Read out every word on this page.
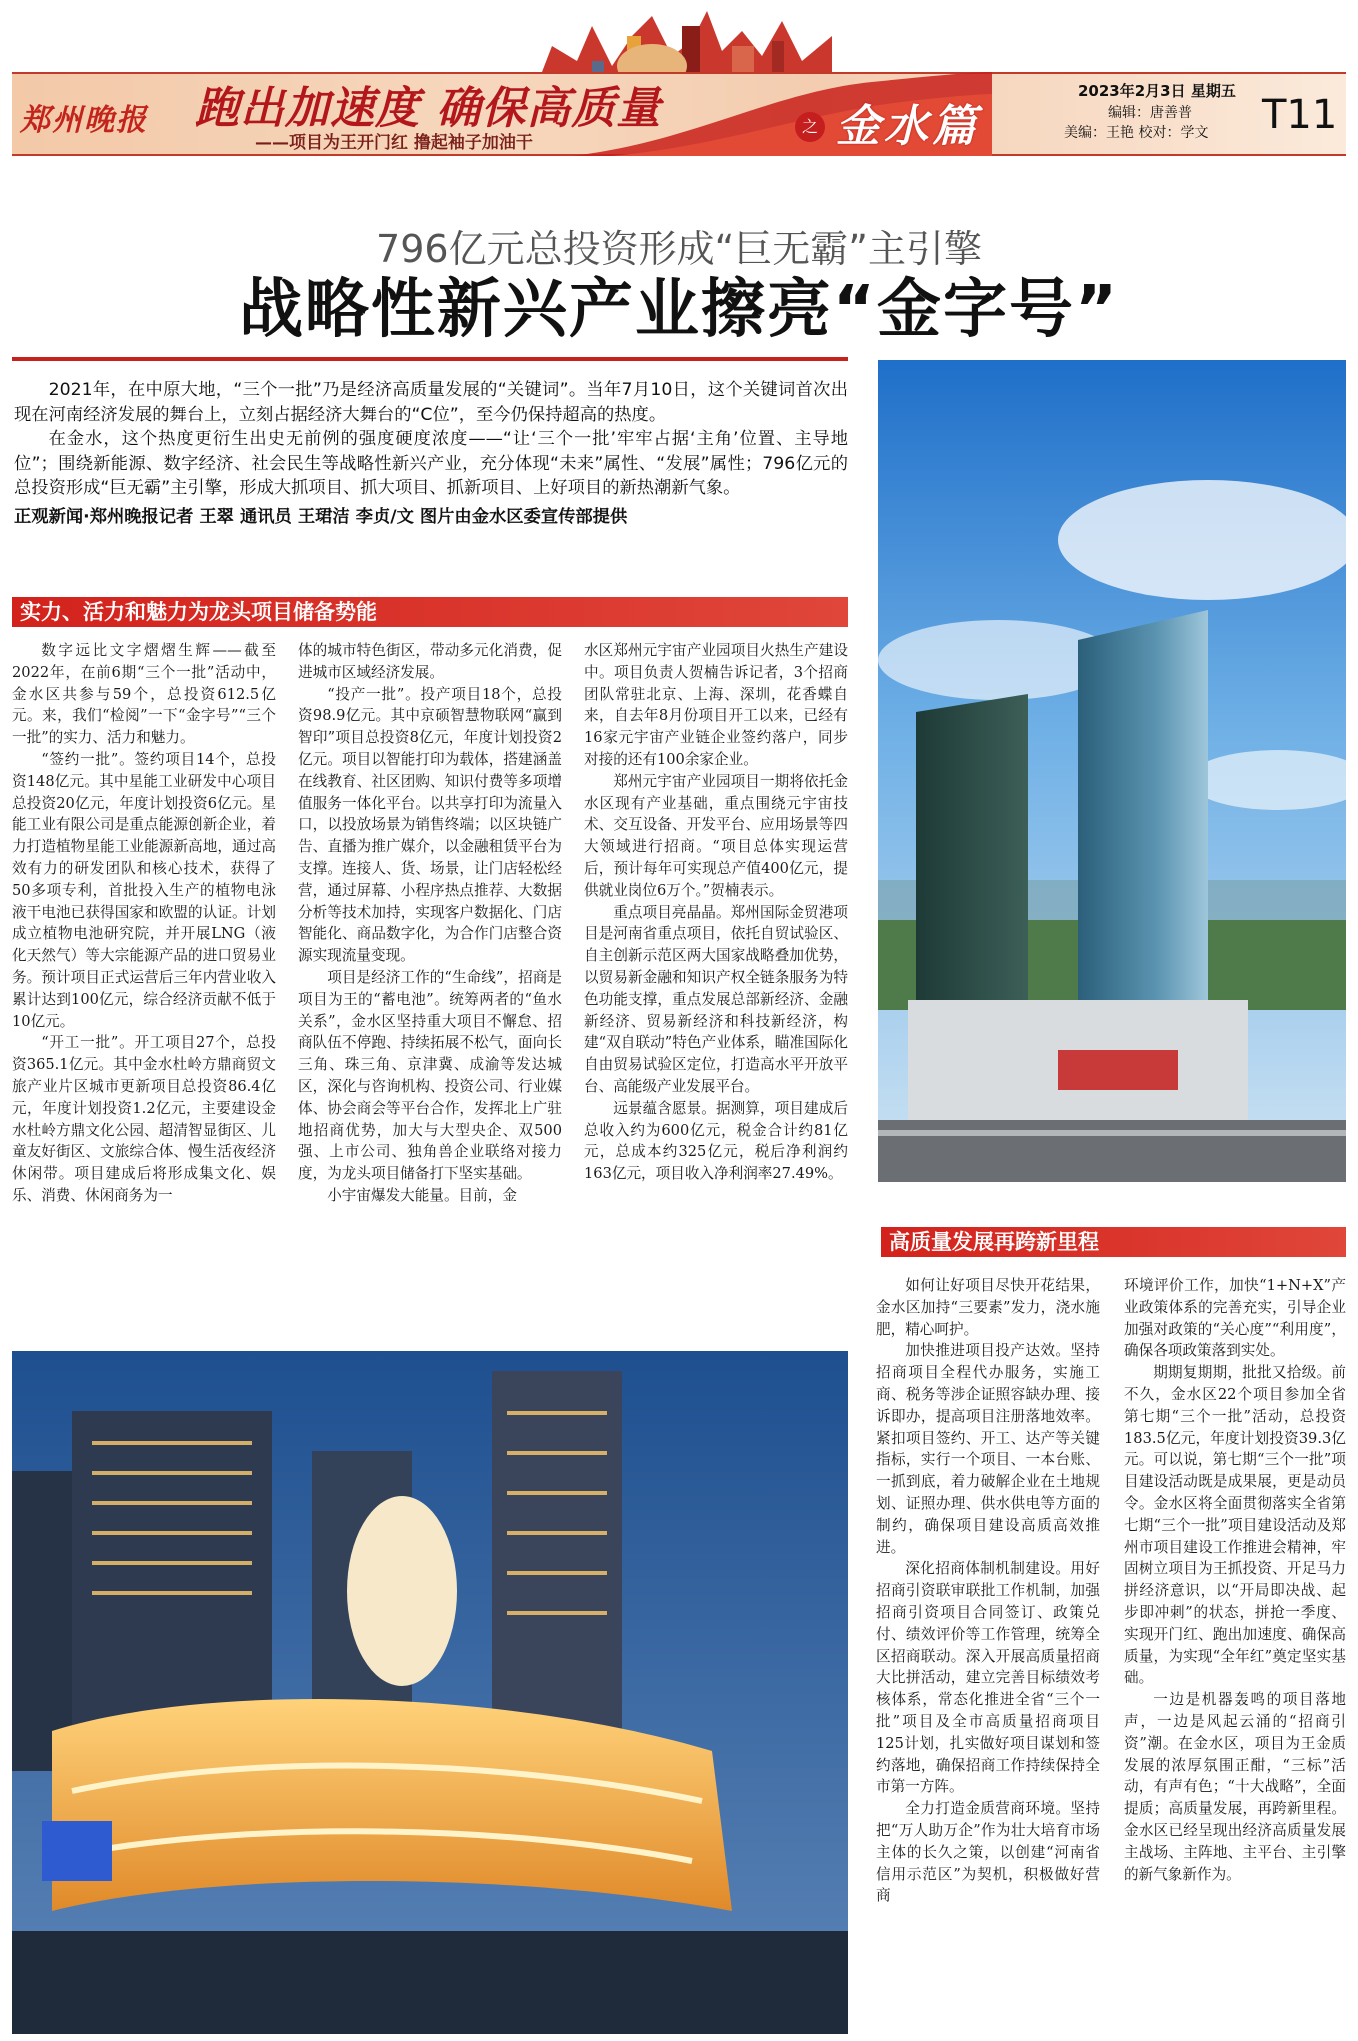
郑州晚报 跑出加速度 确保高质量
——项目为王开门红 撸起袖子加油干
之 金水篇
2023年2月3日 星期五
编辑：唐善普
美编：王艳 校对：学文 T11
796亿元总投资形成“巨无霸”主引擎
战略性新兴产业擦亮“金字号”

2021年，在中原大地，“三个一批”乃是经济高质量发展的“关键词”。当年7月10日，这个关键词首次出现在河南经济发展的舞台上，立刻占据经济大舞台的“C位”，至今仍保持超高的热度。

在金水，这个热度更衍生出史无前例的强度硬度浓度——“让‘三个一批’牢牢占据‘主角’位置、主导地位”；围绕新能源、数字经济、社会民生等战略性新兴产业，充分体现“未来”属性、“发展”属性；796亿元的总投资形成“巨无霸”主引擎，形成大抓项目、抓大项目、抓新项目、上好项目的新热潮新气象。

正观新闻·郑州晚报记者 王翠 通讯员 王珺洁 李贞/文 图片由金水区委宣传部提供

实力、活力和魅力为龙头项目储备势能
高质量发展再跨新里程

数字远比文字熠熠生辉——截至2022年，在前6期“三个一批”活动中，金水区共参与59个，总投资612.5亿元。来，我们“检阅”一下“金字号”“三个一批”的实力、活力和魅力。

“签约一批”。签约项目14个，总投资148亿元。其中星能工业研发中心项目总投资20亿元，年度计划投资6亿元。星能工业有限公司是重点能源创新企业，着力打造植物星能工业能源新高地，通过高效有力的研发团队和核心技术，获得了50多项专利，首批投入生产的植物电泳液干电池已获得国家和欧盟的认证。计划成立植物电池研究院，并开展LNG（液化天然气）等大宗能源产品的进口贸易业务。预计项目正式运营后三年内营业收入累计达到100亿元，综合经济贡献不低于10亿元。

“开工一批”。开工项目27个，总投资365.1亿元。其中金水杜岭方鼎商贸文旅产业片区城市更新项目总投资86.4亿元，年度计划投资1.2亿元，主要建设金水杜岭方鼎文化公园、超清智显街区、儿童友好街区、文旅综合体、慢生活夜经济休闲带。项目建成后将形成集文化、娱乐、消费、休闲商务为一

体的城市特色街区，带动多元化消费，促进城市区域经济发展。

“投产一批”。投产项目18个，总投资98.9亿元。其中京硕智慧物联网“赢到智印”项目总投资8亿元，年度计划投资2亿元。项目以智能打印为载体，搭建涵盖在线教育、社区团购、知识付费等多项增值服务一体化平台。以共享打印为流量入口，以投放场景为销售终端；以区块链广告、直播为推广媒介，以金融租赁平台为支撑。连接人、货、场景，让门店轻松经营，通过屏幕、小程序热点推荐、大数据分析等技术加持，实现客户数据化、门店智能化、商品数字化，为合作门店整合资源实现流量变现。

项目是经济工作的“生命线”，招商是项目为王的“蓄电池”。统筹两者的“鱼水关系”，金水区坚持重大项目不懈怠、招商队伍不停跑、持续拓展不松气，面向长三角、珠三角、京津冀、成渝等发达城区，深化与咨询机构、投资公司、行业媒体、协会商会等平台合作，发挥北上广驻地招商优势，加大与大型央企、双500强、上市公司、独角兽企业联络对接力度，为龙头项目储备打下坚实基础。

小宇宙爆发大能量。目前，金

水区郑州元宇宙产业园项目火热生产建设中。项目负责人贺楠告诉记者，3个招商团队常驻北京、上海、深圳，花香蝶自来，自去年8月份项目开工以来，已经有16家元宇宙产业链企业签约落户，同步对接的还有100余家企业。

郑州元宇宙产业园项目一期将依托金水区现有产业基础，重点围绕元宇宙技术、交互设备、开发平台、应用场景等四大领域进行招商。“项目总体实现运营后，预计每年可实现总产值400亿元，提供就业岗位6万个。”贺楠表示。

重点项目亮晶晶。郑州国际金贸港项目是河南省重点项目，依托自贸试验区、自主创新示范区两大国家战略叠加优势，以贸易新金融和知识产权全链条服务为特色功能支撑，重点发展总部新经济、金融新经济、贸易新经济和科技新经济，构建“双自联动”特色产业体系，瞄准国际化自由贸易试验区定位，打造高水平开放平台、高能级产业发展平台。

远景蕴含愿景。据测算，项目建成后总收入约为600亿元，税金合计约81亿元，总成本约325亿元，税后净利润约163亿元，项目收入净利润率27.49%。

如何让好项目尽快开花结果，金水区加持“三要素”发力，浇水施肥，精心呵护。

加快推进项目投产达效。坚持招商项目全程代办服务，实施工商、税务等涉企证照容缺办理、接诉即办，提高项目注册落地效率。紧扣项目签约、开工、达产等关键指标，实行一个项目、一本台账、一抓到底，着力破解企业在土地规划、证照办理、供水供电等方面的制约，确保项目建设高质高效推进。

深化招商体制机制建设。用好招商引资联审联批工作机制，加强招商引资项目合同签订、政策兑付、绩效评价等工作管理，统筹全区招商联动。深入开展高质量招商大比拼活动，建立完善目标绩效考核体系，常态化推进全省“三个一批”项目及全市高质量招商项目125计划，扎实做好项目谋划和签约落地，确保招商工作持续保持全市第一方阵。

全力打造金质营商环境。坚持把“万人助万企”作为壮大培育市场主体的长久之策，以创建“河南省信用示范区”为契机，积极做好营商

环境评价工作，加快“1+N+X”产业政策体系的完善充实，引导企业加强对政策的“关心度”“利用度”，确保各项政策落到实处。

期期复期期，批批又拾级。前不久，金水区22个项目参加全省第七期“三个一批”活动，总投资183.5亿元，年度计划投资39.3亿元。可以说，第七期“三个一批”项目建设活动既是成果展，更是动员令。金水区将全面贯彻落实全省第七期“三个一批”项目建设活动及郑州市项目建设工作推进会精神，牢固树立项目为王抓投资、开足马力拼经济意识，以“开局即决战、起步即冲刺”的状态，拼抢一季度、实现开门红、跑出加速度、确保高质量，为实现“全年红”奠定坚实基础。

一边是机器轰鸣的项目落地声，一边是风起云涌的“招商引资”潮。在金水区，项目为王金质发展的浓厚氛围正酣，“三标”活动，有声有色；“十大战略”，全面提质；高质量发展，再跨新里程。金水区已经呈现出经济高质量发展主战场、主阵地、主平台、主引擎的新气象新作为。
